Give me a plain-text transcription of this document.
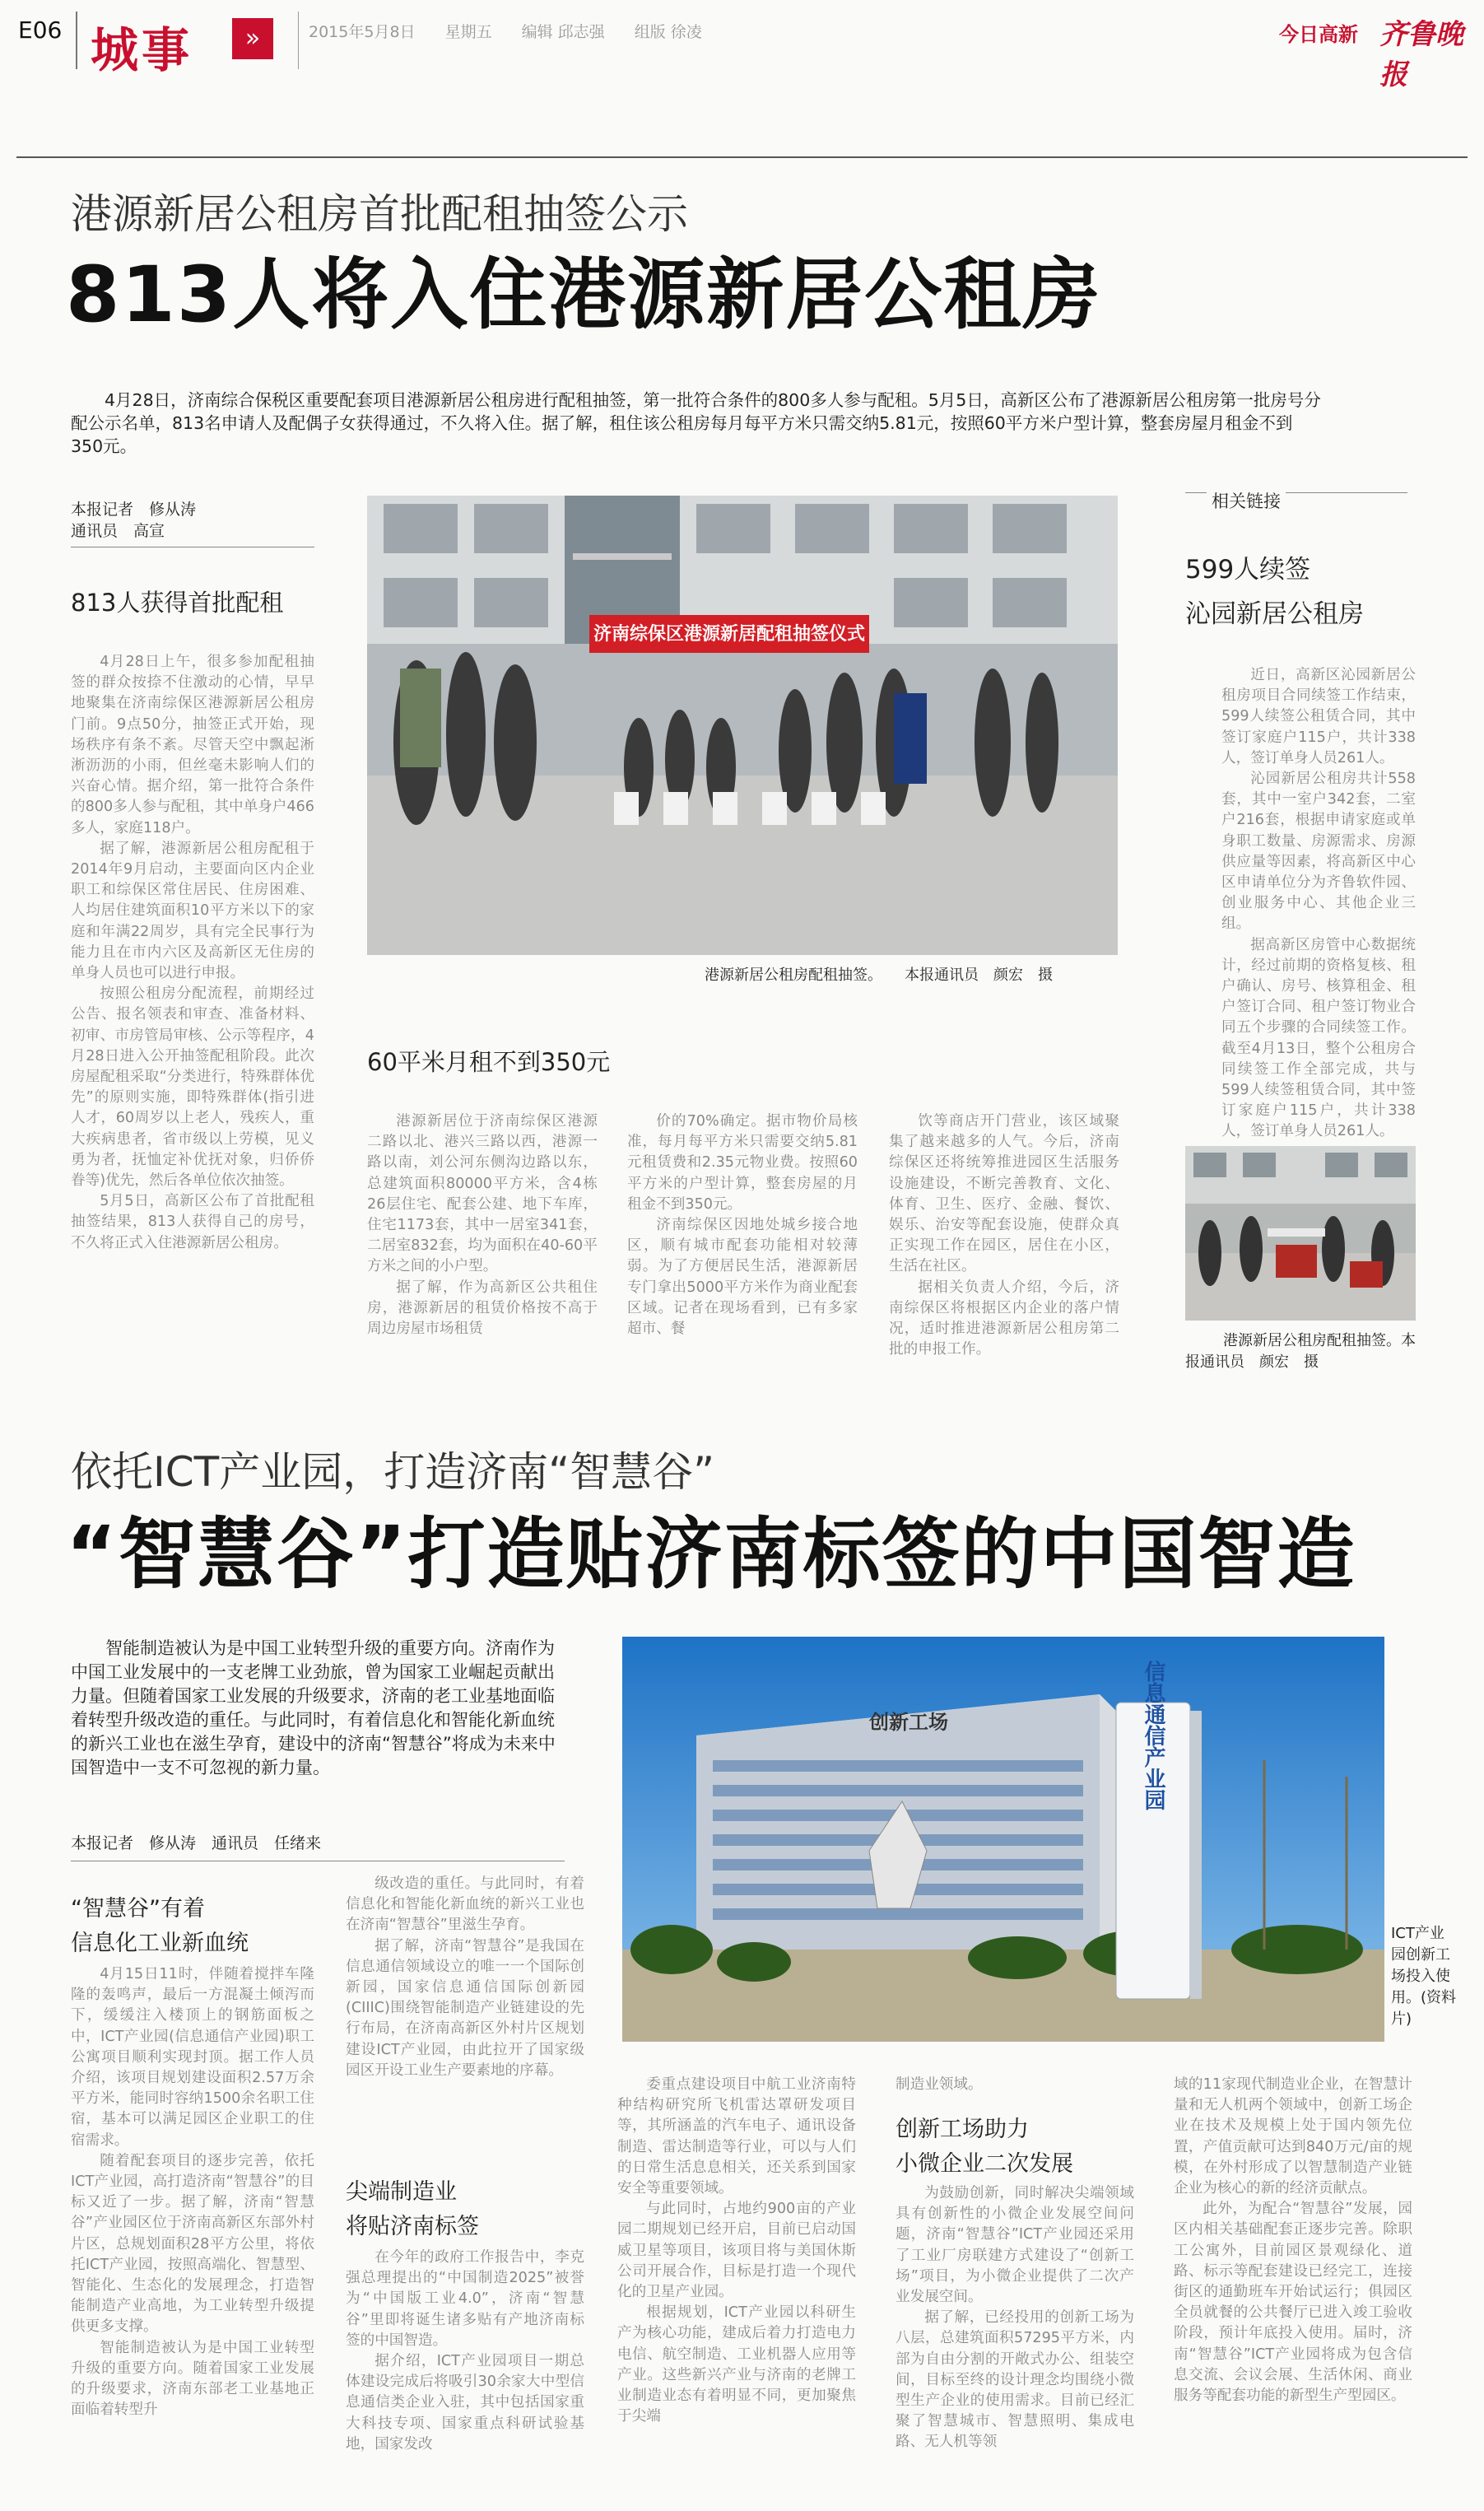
E06 城事	»	2015年5月8日 星期五 编辑 邱志强 组版 徐凌	今日高新 齐鲁晚报
港源新居公租房首批配租抽签公示
813人将入住港源新居公租房
4月28日，济南综合保税区重要配套项目港源新居公租房进行配租抽签，第一批符合条件的800多人参与配租。5月5日，高新区公布了港源新居公租房第一批房号分配公示名单，813名申请人及配偶子女获得通过，不久将入住。据了解，租住该公租房每月每平方米只需交纳5.81元，按照60平方米户型计算，整套房屋月租金不到350元。
本报记者　修从涛
通讯员　高宣
813人获得首批配租

4月28日上午，很多参加配租抽签的群众按捺不住激动的心情，早早地聚集在济南综保区港源新居公租房门前。9点50分，抽签正式开始，现场秩序有条不紊。尽管天空中飘起淅淅沥沥的小雨，但丝毫未影响人们的兴奋心情。据介绍，第一批符合条件的800多人参与配租，其中单身户466多人，家庭118户。

据了解，港源新居公租房配租于2014年9月启动，主要面向区内企业职工和综保区常住居民、住房困难、人均居住建筑面积10平方米以下的家庭和年满22周岁，具有完全民事行为能力且在市内六区及高新区无住房的单身人员也可以进行申报。

按照公租房分配流程，前期经过公告、报名领表和审查、准备材料、初审、市房管局审核、公示等程序，4月28日进入公开抽签配租阶段。此次房屋配租采取“分类进行，特殊群体优先”的原则实施，即特殊群体(指引进人才，60周岁以上老人，残疾人，重大疾病患者，省市级以上劳模，见义勇为者，抚恤定补优抚对象，归侨侨眷等)优先，然后各单位依次抽签。

5月5日，高新区公布了首批配租抽签结果，813人获得自己的房号，不久将正式入住港源新居公租房。

济南综保区港源新居配租抽签仪式
港源新居公租房配租抽签。　　本报通讯员　颜宏　摄
60平米月租不到350元

港源新居位于济南综保区港源二路以北、港兴三路以西，港源一路以南，刘公河东侧沟边路以东，总建筑面积80000平方米，含4栋26层住宅、配套公建、地下车库，住宅1173套，其中一居室341套，二居室832套，均为面积在40-60平方米之间的小户型。

据了解，作为高新区公共租住房，港源新居的租赁价格按不高于周边房屋市场租赁

价的70%确定。据市物价局核准，每月每平方米只需要交纳5.81元租赁费和2.35元物业费。按照60平方米的户型计算，整套房屋的月租金不到350元。

济南综保区因地处城乡接合地区，顺有城市配套功能相对较薄弱。为了方便居民生活，港源新居专门拿出5000平方米作为商业配套区域。记者在现场看到，已有多家超市、餐

饮等商店开门营业，该区域聚集了越来越多的人气。今后，济南综保区还将统筹推进园区生活服务设施建设，不断完善教育、文化、体育、卫生、医疗、金融、餐饮、娱乐、治安等配套设施，使群众真正实现工作在园区，居住在小区，生活在社区。

据相关负责人介绍，今后，济南综保区将根据区内企业的落户情况，适时推进港源新居公租房第二批的申报工作。

相关链接
599人续签
沁园新居公租房

近日，高新区沁园新居公租房项目合同续签工作结束，599人续签公租赁合同，其中签订家庭户115户，共计338人，签订单身人员261人。

沁园新居公租房共计558套，其中一室户342套，二室户216套，根据申请家庭或单身职工数量、房源需求、房源供应量等因素，将高新区中心区申请单位分为齐鲁软件园、创业服务中心、其他企业三组。

据高新区房管中心数据统计，经过前期的资格复核、租户确认、房号、核算租金、租户签订合同、租户签订物业合同五个步骤的合同续签工作。截至4月13日，整个公租房合同续签工作全部完成，共与599人续签租赁合同，其中签订家庭户115户，共计338人，签订单身人员261人。

港源新居公租房配租抽签。本报通讯员　颜宏　摄
依托ICT产业园，打造济南“智慧谷”
“智慧谷”打造贴济南标签的中国智造
智能制造被认为是中国工业转型升级的重要方向。济南作为中国工业发展中的一支老牌工业劲旅，曾为国家工业崛起贡献出力量。但随着国家工业发展的升级要求，济南的老工业基地面临着转型升级改造的重任。与此同时，有着信息化和智能化新血统的新兴工业也在滋生孕育，建设中的济南“智慧谷”将成为未来中国智造中一支不可忽视的新力量。
本报记者　修从涛　通讯员　任绪来
“智慧谷”有着
信息化工业新血统

4月15日11时，伴随着搅拌车隆隆的轰鸣声，最后一方混凝土倾泻而下，缓缓注入楼顶上的钢筋面板之中，ICT产业园(信息通信产业园)职工公寓项目顺利实现封顶。据工作人员介绍，该项目规划建设面积2.57万余平方米，能同时容纳1500余名职工住宿，基本可以满足园区企业职工的住宿需求。

随着配套项目的逐步完善，依托ICT产业园，高打造济南“智慧谷”的目标又近了一步。据了解，济南“智慧谷”产业园区位于济南高新区东部外村片区，总规划面积28平方公里，将依托ICT产业园，按照高端化、智慧型、智能化、生态化的发展理念，打造智能制造产业高地，为工业转型升级提供更多支撑。

智能制造被认为是中国工业转型升级的重要方向。随着国家工业发展的升级要求，济南东部老工业基地正面临着转型升

级改造的重任。与此同时，有着信息化和智能化新血统的新兴工业也在济南“智慧谷”里滋生孕育。

据了解，济南“智慧谷”是我国在信息通信领域设立的唯一一个国际创新园，国家信息通信国际创新园(CIIIC)围绕智能制造产业链建设的先行布局，在济南高新区外村片区规划建设ICT产业园，由此拉开了国家级园区开设工业生产要素地的序幕。

尖端制造业
将贴济南标签

在今年的政府工作报告中，李克强总理提出的“中国制造2025”被誉为“中国版工业4.0”，济南“智慧谷”里即将诞生诸多贴有产地济南标签的中国智造。

据介绍，ICT产业园项目一期总体建设完成后将吸引30余家大中型信息通信类企业入驻，其中包括国家重大科技专项、国家重点科研试验基地，国家发改

创新工场	信息通信产业园
ICT产业园创新工场投入使用。(资料片)

委重点建设项目中航工业济南特种结构研究所飞机雷达罩研发项目等，其所涵盖的汽车电子、通讯设备制造、雷达制造等行业，可以与人们的日常生活息息相关，还关系到国家安全等重要领域。

与此同时，占地约900亩的产业园二期规划已经开启，目前已启动国威卫星等项目，该项目将与美国休斯公司开展合作，目标是打造一个现代化的卫星产业园。

根据规划，ICT产业园以科研生产为核心功能，建成后着力打造电力电信、航空制造、工业机器人应用等产业。这些新兴产业与济南的老牌工业制造业态有着明显不同，更加聚焦于尖端

制造业领域。

创新工场助力
小微企业二次发展

为鼓励创新，同时解决尖端领域具有创新性的小微企业发展空间问题，济南“智慧谷”ICT产业园还采用了工业厂房联建方式建设了“创新工场”项目，为小微企业提供了二次产业发展空间。

据了解，已经投用的创新工场为八层，总建筑面积57295平方米，内部为自由分割的开敞式办公、组装空间，目标至终的设计理念均围绕小微型生产企业的使用需求。目前已经汇聚了智慧城市、智慧照明、集成电路、无人机等领

域的11家现代制造业企业，在智慧计量和无人机两个领域中，创新工场企业在技术及规模上处于国内领先位置，产值贡献可达到840万元/亩的规模，在外村形成了以智慧制造产业链企业为核心的新的经济贡献点。

此外，为配合“智慧谷”发展，园区内相关基础配套正逐步完善。除职工公寓外，目前园区景观绿化、道路、标示等配套建设已经完工，连接街区的通勤班车开始试运行；俱园区全员就餐的公共餐厅已进入竣工验收阶段，预计年底投入使用。届时，济南“智慧谷”ICT产业园将成为包含信息交流、会议会展、生活休闲、商业服务等配套功能的新型生产型园区。
